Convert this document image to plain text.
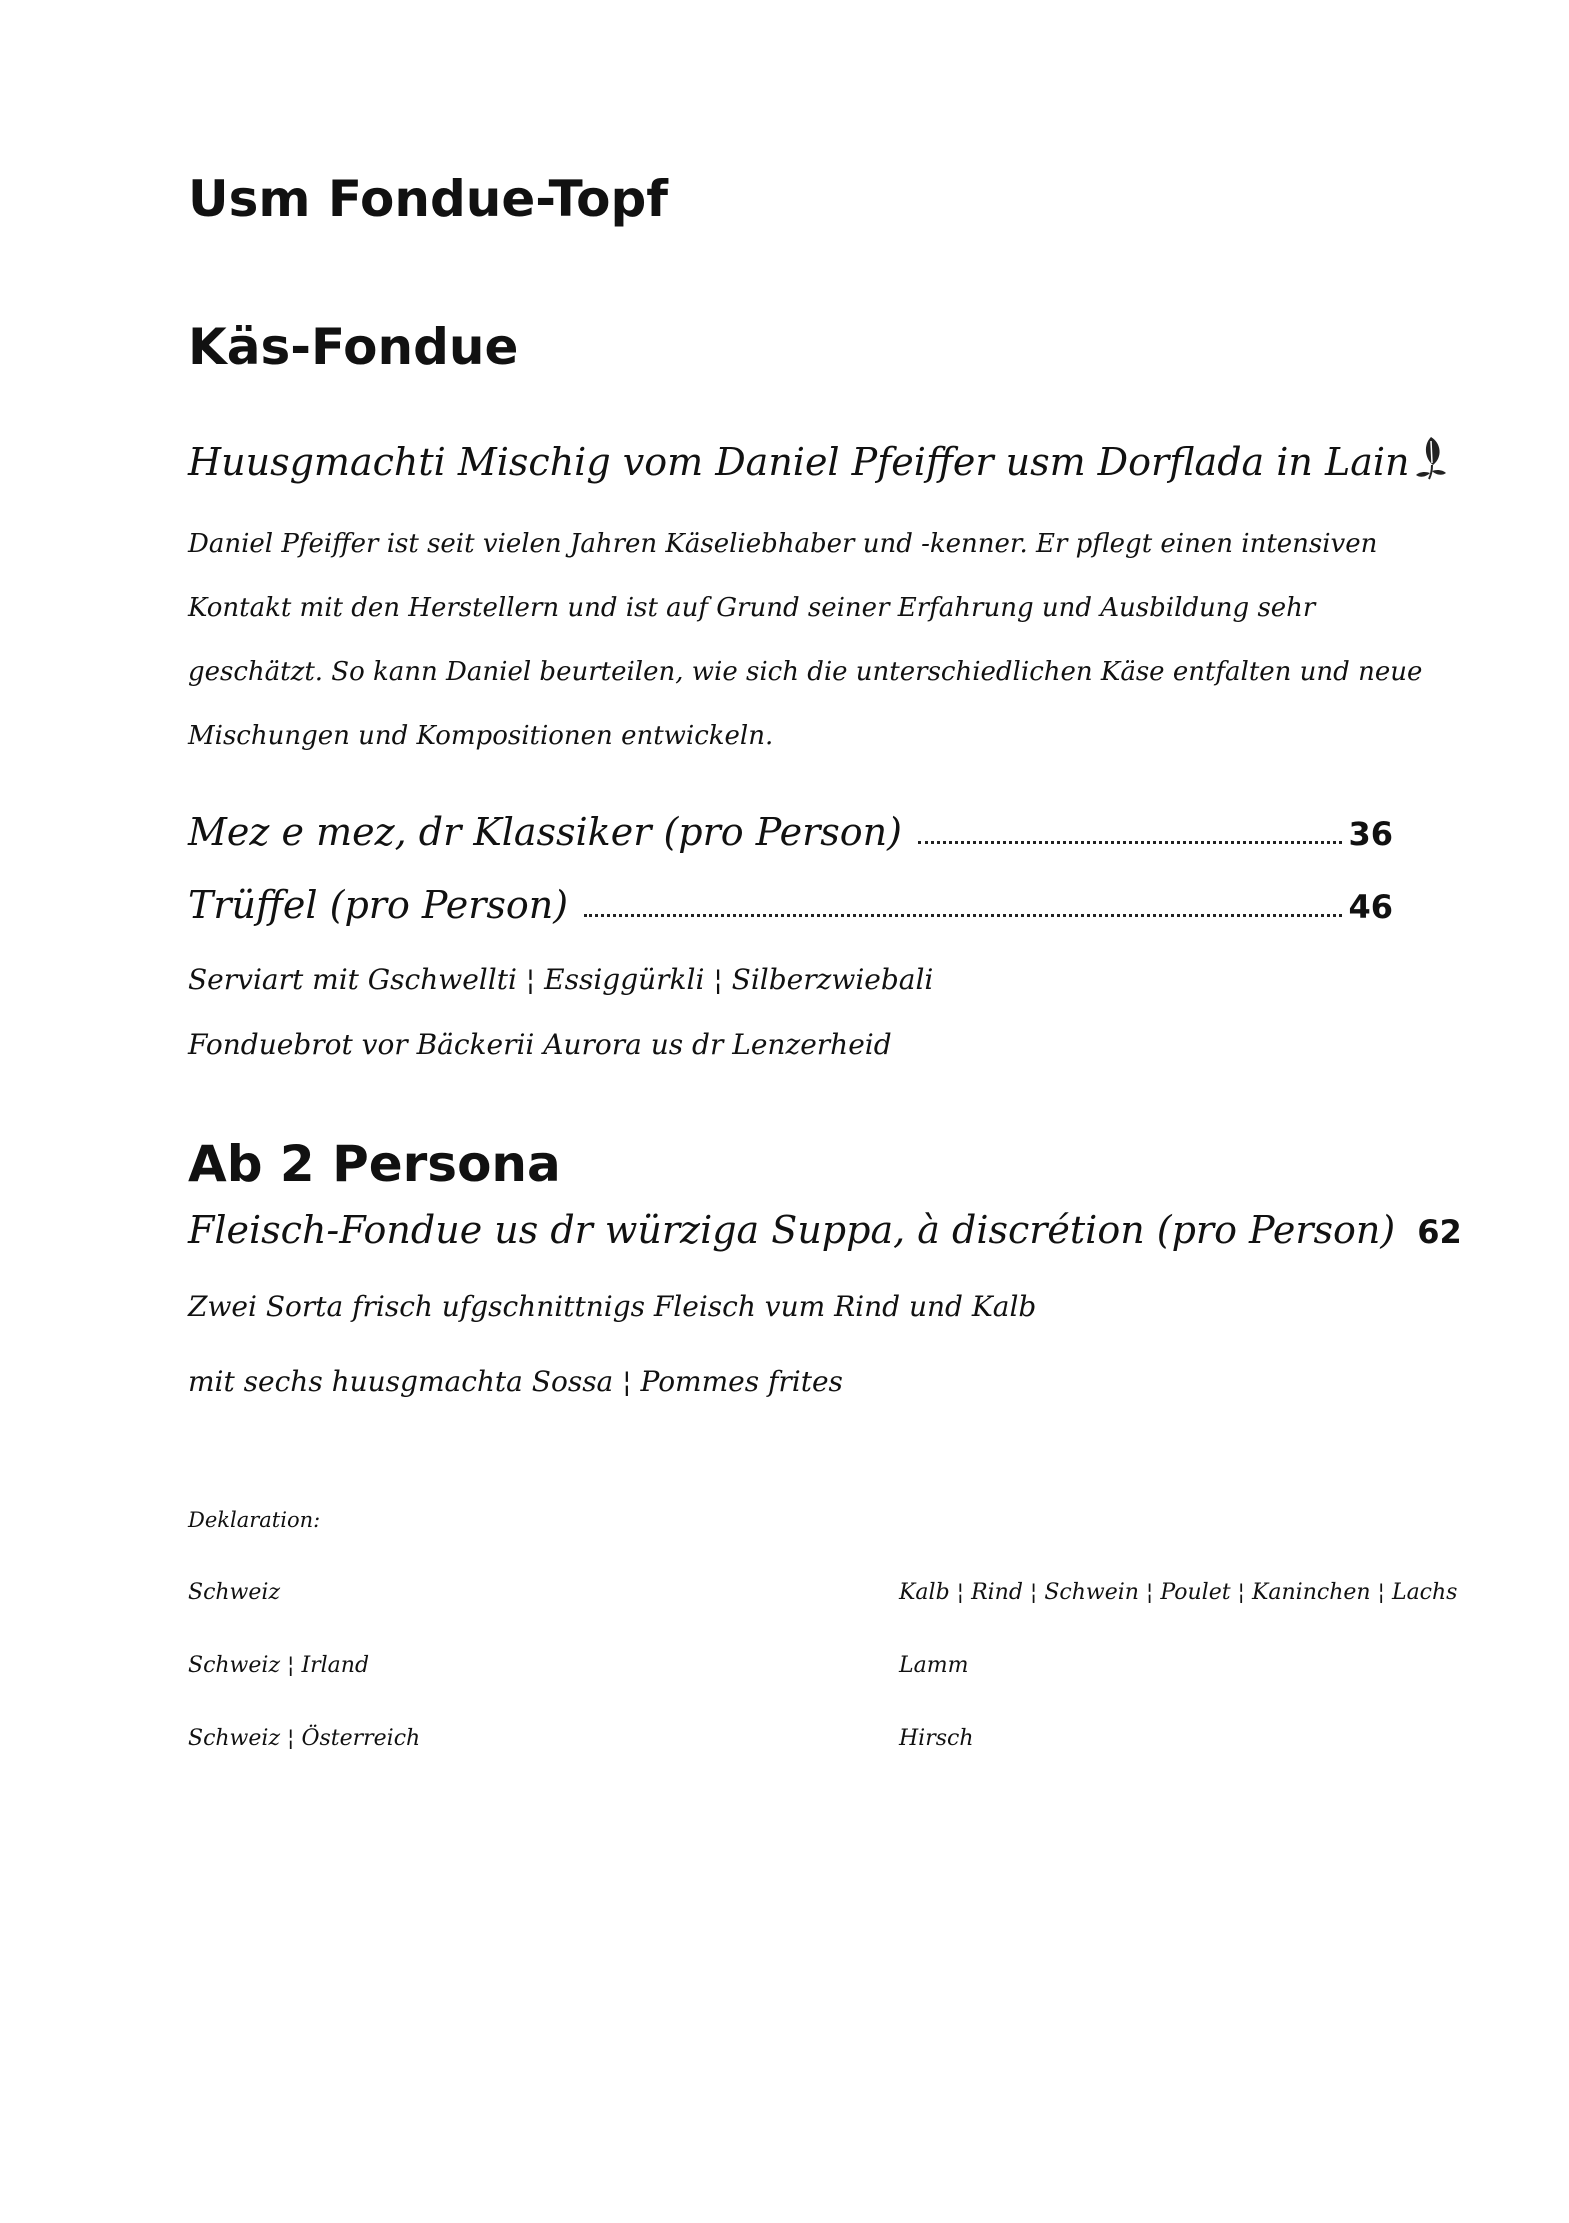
Usm Fondue-Topf
Käs-Fondue
Huusgmachti Mischig vom Daniel Pfeiffer usm Dorflada in Lain
Daniel Pfeiffer ist seit vielen Jahren Käseliebhaber und -kenner. Er pflegt einen intensiven Kontakt mit den Herstellern und ist auf Grund seiner Erfahrung und Ausbildung sehr geschätzt. So kann Daniel beurteilen, wie sich die unterschiedlichen Käse entfalten und neue Mischungen und Kompositionen entwickeln.
Mez e mez, dr Klassiker (pro Person)	36
Trüffel (pro Person)	46
Serviart mit Gschwellti ¦ Essiggürkli ¦ Silberzwiebali
Fonduebrot vor Bäckerii Aurora us dr Lenzerheid
Ab 2 Persona
Fleisch-Fondue us dr würziga Suppa, à discrétion (pro Person) 62
Zwei Sorta frisch ufgschnittnigs Fleisch vum Rind und Kalb
mit sechs huusgmachta Sossa ¦ Pommes frites
Deklaration:
Schweiz	Kalb ¦ Rind ¦ Schwein ¦ Poulet ¦ Kaninchen ¦ Lachs
Schweiz ¦ Irland	Lamm
Schweiz ¦ Österreich	Hirsch
